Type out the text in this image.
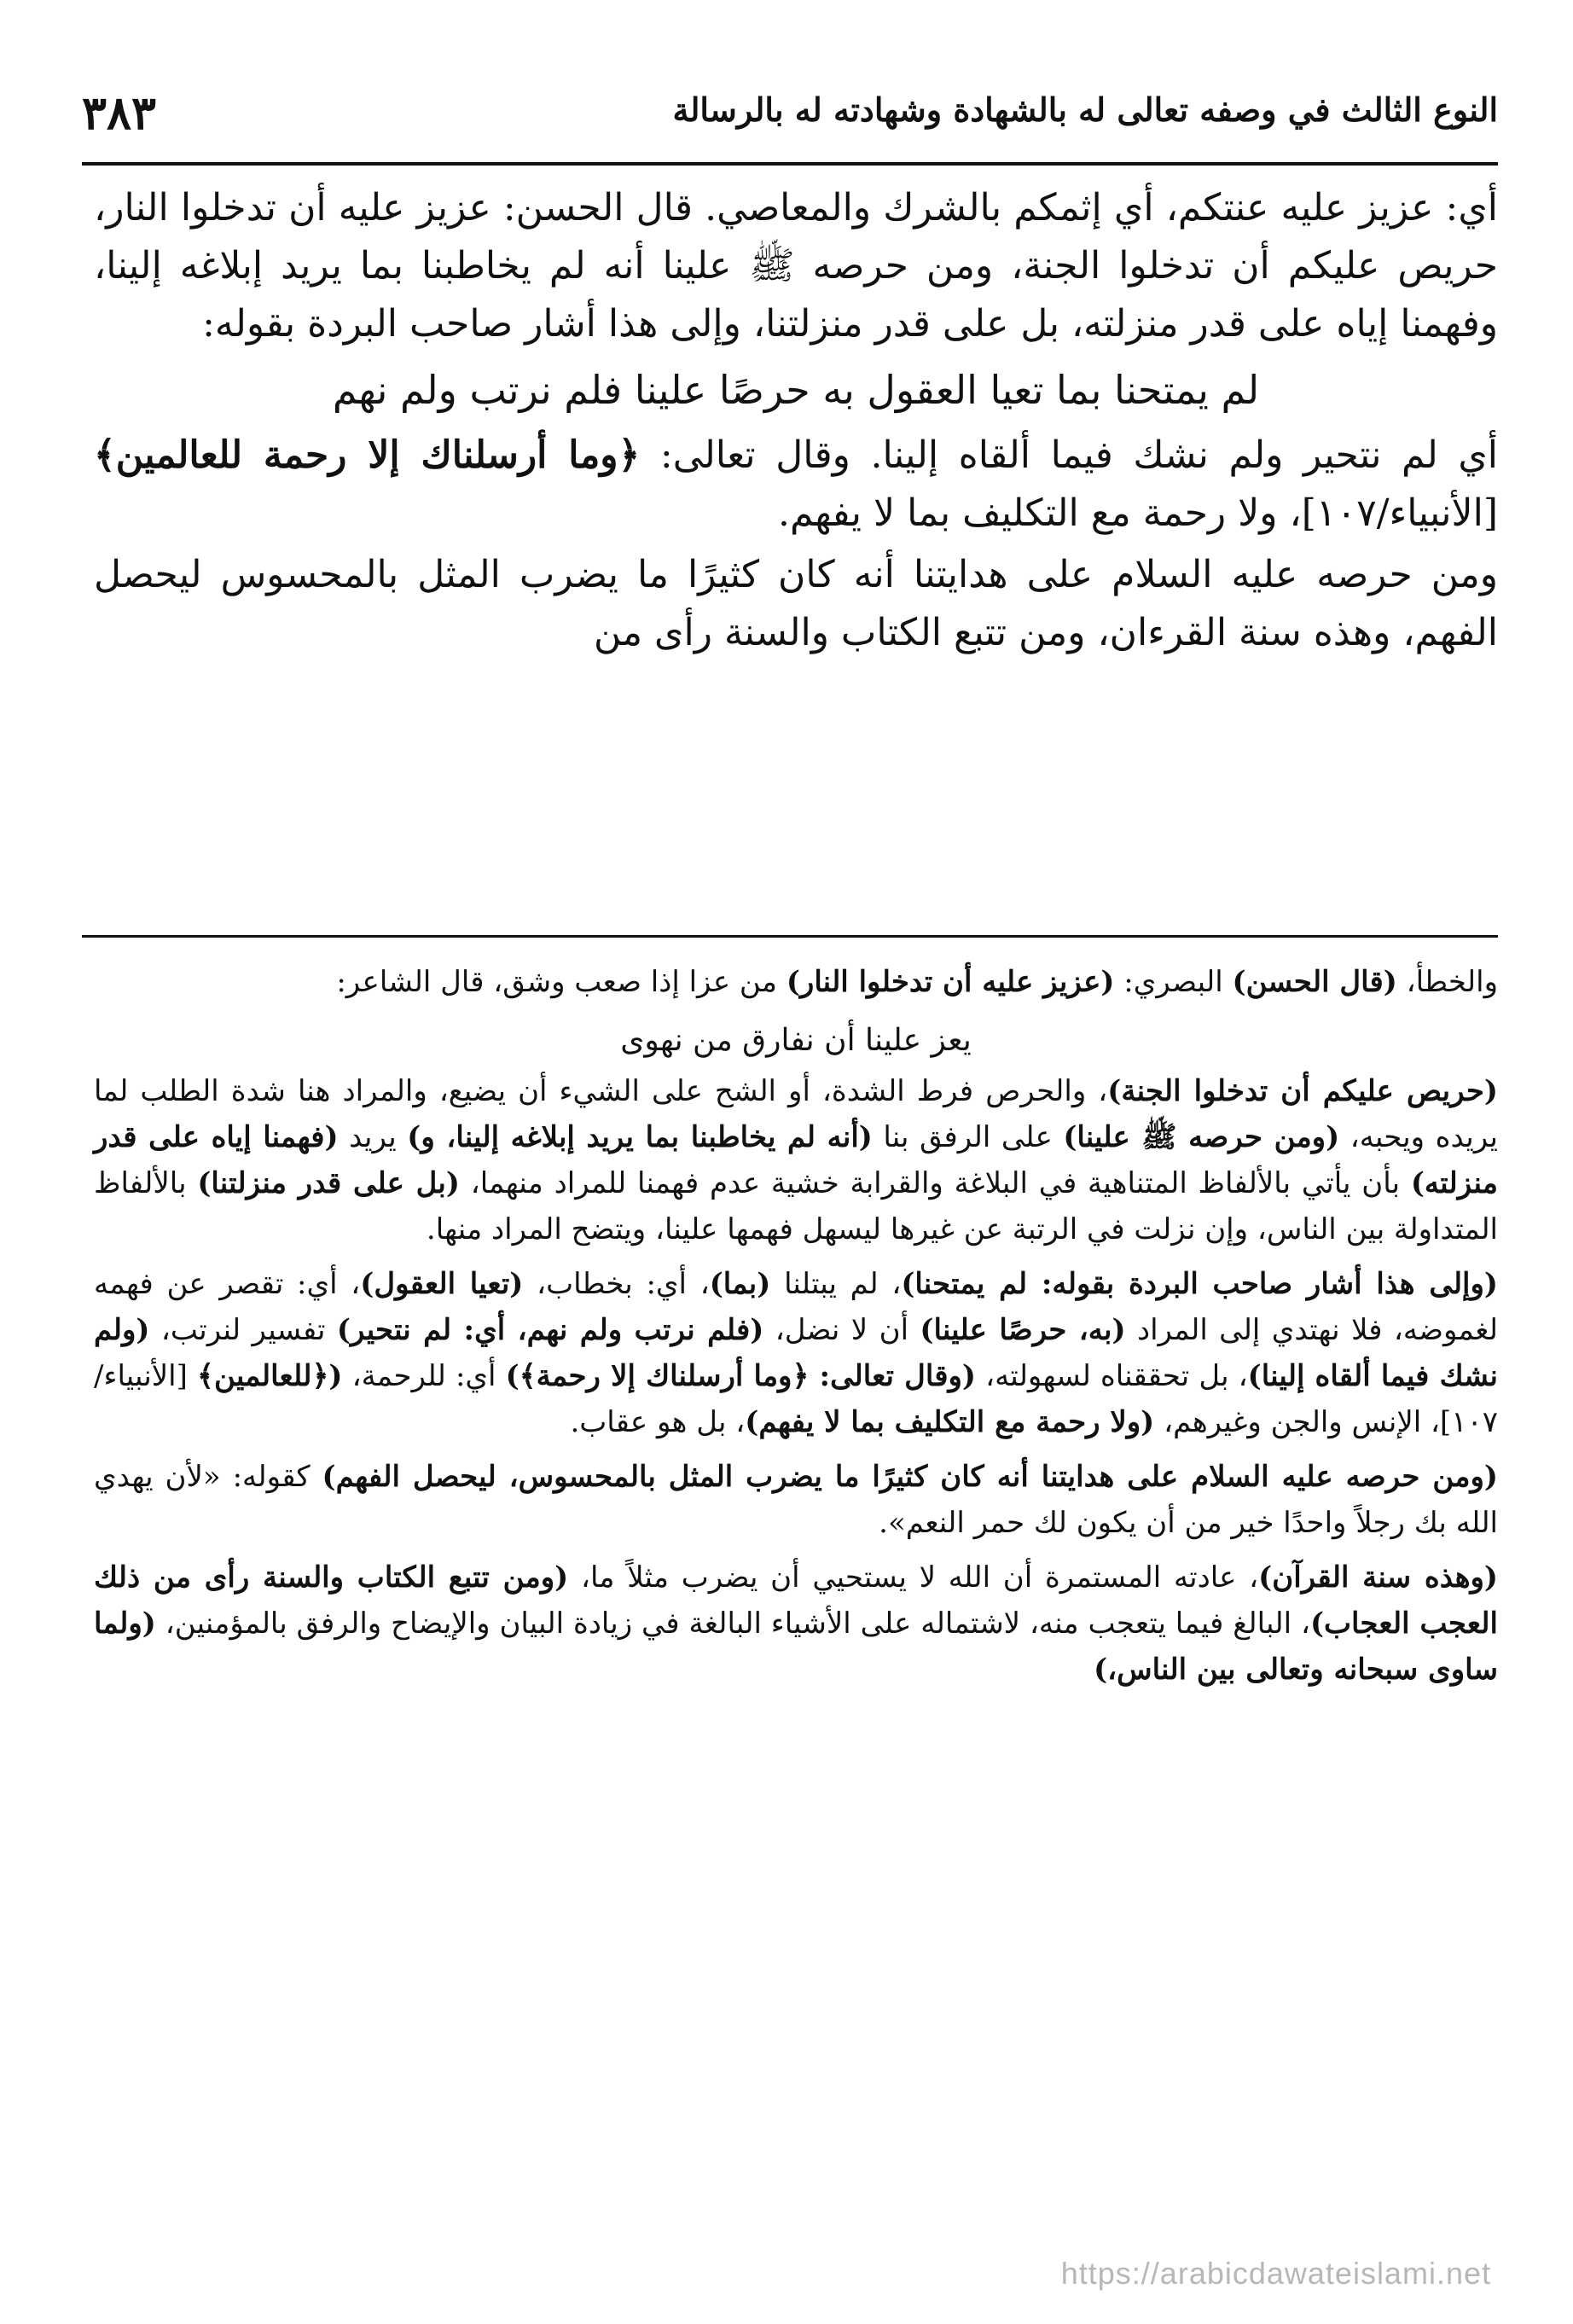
النوع الثالث في وصفه تعالى له بالشهادة وشهادته له بالرسالة
٣٨٣

أي: عزيز عليه عنتكم، أي إثمكم بالشرك والمعاصي. قال الحسن: عزيز عليه أن تدخلوا النار، حريص عليكم أن تدخلوا الجنة، ومن حرصه ﷺ علينا أنه لم يخاطبنا بما يريد إبلاغه إلينا، وفهمنا إياه على قدر منزلته، بل على قدر منزلتنا، وإلى هذا أشار صاحب البردة بقوله:

لم يمتحنا بما تعيا العقول به حرصًا علينا فلم نرتب ولم نهم

أي لم نتحير ولم نشك فيما ألقاه إلينا. وقال تعالى: ﴿وما أرسلناك إلا رحمة للعالمين﴾ [الأنبياء/١٠٧]، ولا رحمة مع التكليف بما لا يفهم.

ومن حرصه عليه السلام على هدايتنا أنه كان كثيرًا ما يضرب المثل بالمحسوس ليحصل الفهم، وهذه سنة القرءان، ومن تتبع الكتاب والسنة رأى من

والخطأ، (قال الحسن) البصري: (عزيز عليه أن تدخلوا النار) من عزا إذا صعب وشق، قال الشاعر:

يعز علينا أن نفارق من نهوى

(حريص عليكم أن تدخلوا الجنة)، والحرص فرط الشدة، أو الشح على الشيء أن يضيع، والمراد هنا شدة الطلب لما يريده ويحبه، (ومن حرصه ﷺ علينا) على الرفق بنا (أنه لم يخاطبنا بما يريد إبلاغه إلينا، و) يريد (فهمنا إياه على قدر منزلته) بأن يأتي بالألفاظ المتناهية في البلاغة والقرابة خشية عدم فهمنا للمراد منهما، (بل على قدر منزلتنا) بالألفاظ المتداولة بين الناس، وإن نزلت في الرتبة عن غيرها ليسهل فهمها علينا، ويتضح المراد منها.

(وإلى هذا أشار صاحب البردة بقوله: لم يمتحنا)، لم يبتلنا (بما)، أي: بخطاب، (تعيا العقول)، أي: تقصر عن فهمه لغموضه، فلا نهتدي إلى المراد (به، حرصًا علينا) أن لا نضل، (فلم نرتب ولم نهم، أي: لم نتحير) تفسير لنرتب، (ولم نشك فيما ألقاه إلينا)، بل تحققناه لسهولته، (وقال تعالى: ﴿وما أرسلناك إلا رحمة﴾) أي: للرحمة، (﴿للعالمين﴾ [الأنبياء/١٠٧]، الإنس والجن وغيرهم، (ولا رحمة مع التكليف بما لا يفهم)، بل هو عقاب.

(ومن حرصه عليه السلام على هدايتنا أنه كان كثيرًا ما يضرب المثل بالمحسوس، ليحصل الفهم) كقوله: «لأن يهدي الله بك رجلاً واحدًا خير من أن يكون لك حمر النعم».

(وهذه سنة القرآن)، عادته المستمرة أن الله لا يستحيي أن يضرب مثلاً ما، (ومن تتبع الكتاب والسنة رأى من ذلك العجب العجاب)، البالغ فيما يتعجب منه، لاشتماله على الأشياء البالغة في زيادة البيان والإيضاح والرفق بالمؤمنين، (ولما ساوى سبحانه وتعالى بين الناس،)

https://arabicdawateislami.net
